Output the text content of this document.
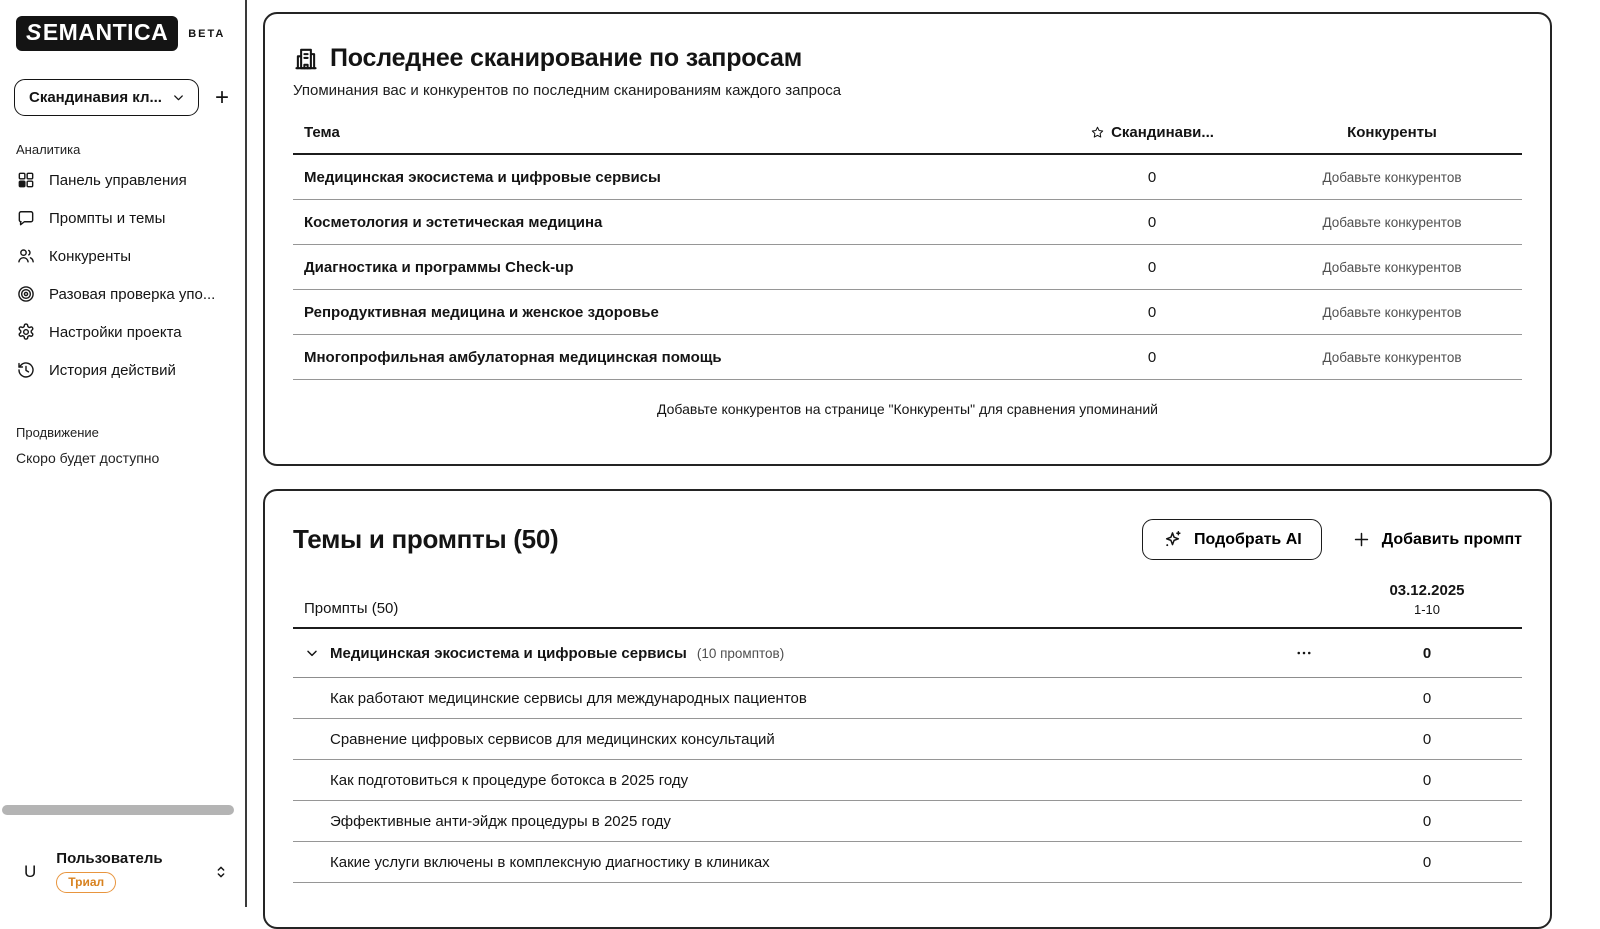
SEMANTICA	BETA
Скандинавия кл... +
Аналитика
Панель управления
Промпты и темы
Конкуренты
Разовая проверка упо...
Настройки проекта
История действий
Продвижение
Скоро будет доступно
U
Пользователь
Триал
Последнее сканирование по запросам

Упоминания вас и конкурентов по последним сканированиям каждого запроса

Тема	Скандинави...	Конкуренты
Медицинская экосистема и цифровые сервисы	0	Добавьте конкурентов
Косметология и эстетическая медицина	0	Добавьте конкурентов
Диагностика и программы Check-up	0	Добавьте конкурентов
Репродуктивная медицина и женское здоровье	0	Добавьте конкурентов
Многопрофильная амбулаторная медицинская помощь	0	Добавьте конкурентов

Добавьте конкурентов на странице "Конкуренты" для сравнения упоминаний

Темы и промпты (50)	Подобрать AI	Добавить промпт
Промпты (50)
03.12.2025
1-10
Медицинская экосистема и цифровые сервисы (10 промптов)	0
Как работают медицинские сервисы для международных пациентов	0
Сравнение цифровых сервисов для медицинских консультаций	0
Как подготовиться к процедуре ботокса в 2025 году	0
Эффективные анти-эйдж процедуры в 2025 году	0
Какие услуги включены в комплексную диагностику в клиниках	0
